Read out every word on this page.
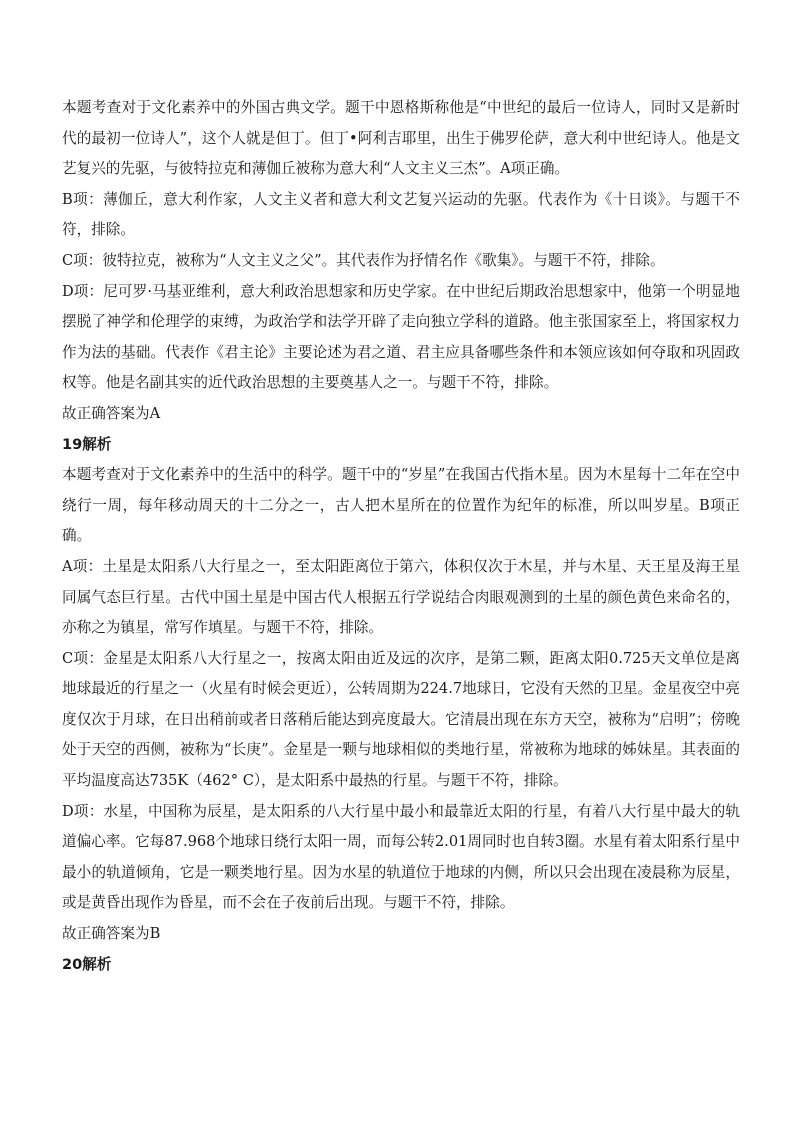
本题考查对于文化素养中的外国古典文学。题干中恩格斯称他是“中世纪的最后一位诗人，同时又是新时代的最初一位诗人”，这个人就是但丁。但丁•阿利吉耶里，出生于佛罗伦萨，意大利中世纪诗人。他是文艺复兴的先驱，与彼特拉克和薄伽丘被称为意大利“人文主义三杰”。A项正确。

B项：薄伽丘，意大利作家，人文主义者和意大利文艺复兴运动的先驱。代表作为《十日谈》。与题干不符，排除。

C项：彼特拉克，被称为“人文主义之父”。其代表作为抒情名作《歌集》。与题干不符，排除。

D项：尼可罗·马基亚维利，意大利政治思想家和历史学家。在中世纪后期政治思想家中，他第一个明显地摆脱了神学和伦理学的束缚，为政治学和法学开辟了走向独立学科的道路。他主张国家至上，将国家权力作为法的基础。代表作《君主论》主要论述为君之道、君主应具备哪些条件和本领应该如何夺取和巩固政权等。他是名副其实的近代政治思想的主要奠基人之一。与题干不符，排除。

故正确答案为A

19解析

本题考查对于文化素养中的生活中的科学。题干中的“岁星”在我国古代指木星。因为木星每十二年在空中绕行一周，每年移动周天的十二分之一，古人把木星所在的位置作为纪年的标准，所以叫岁星。B项正确。

A项：土星是太阳系八大行星之一，至太阳距离位于第六，体积仅次于木星，并与木星、天王星及海王星同属气态巨行星。古代中国土星是中国古代人根据五行学说结合肉眼观测到的土星的颜色黄色来命名的，亦称之为镇星，常写作填星。与题干不符，排除。

C项：金星是太阳系八大行星之一，按离太阳由近及远的次序，是第二颗，距离太阳0.725天文单位是离地球最近的行星之一（火星有时候会更近），公转周期为224.7地球日，它没有天然的卫星。金星夜空中亮度仅次于月球，在日出稍前或者日落稍后能达到亮度最大。它清晨出现在东方天空，被称为“启明”；傍晚处于天空的西侧，被称为“长庚”。金星是一颗与地球相似的类地行星，常被称为地球的姊妹星。其表面的平均温度高达735K（462° C），是太阳系中最热的行星。与题干不符，排除。

D项：水星，中国称为辰星，是太阳系的八大行星中最小和最靠近太阳的行星，有着八大行星中最大的轨道偏心率。它每87.968个地球日绕行太阳一周，而每公转2.01周同时也自转3圈。水星有着太阳系行星中最小的轨道倾角，它是一颗类地行星。因为水星的轨道位于地球的内侧，所以只会出现在凌晨称为辰星，或是黄昏出现作为昏星，而不会在子夜前后出现。与题干不符，排除。

故正确答案为B

20解析
